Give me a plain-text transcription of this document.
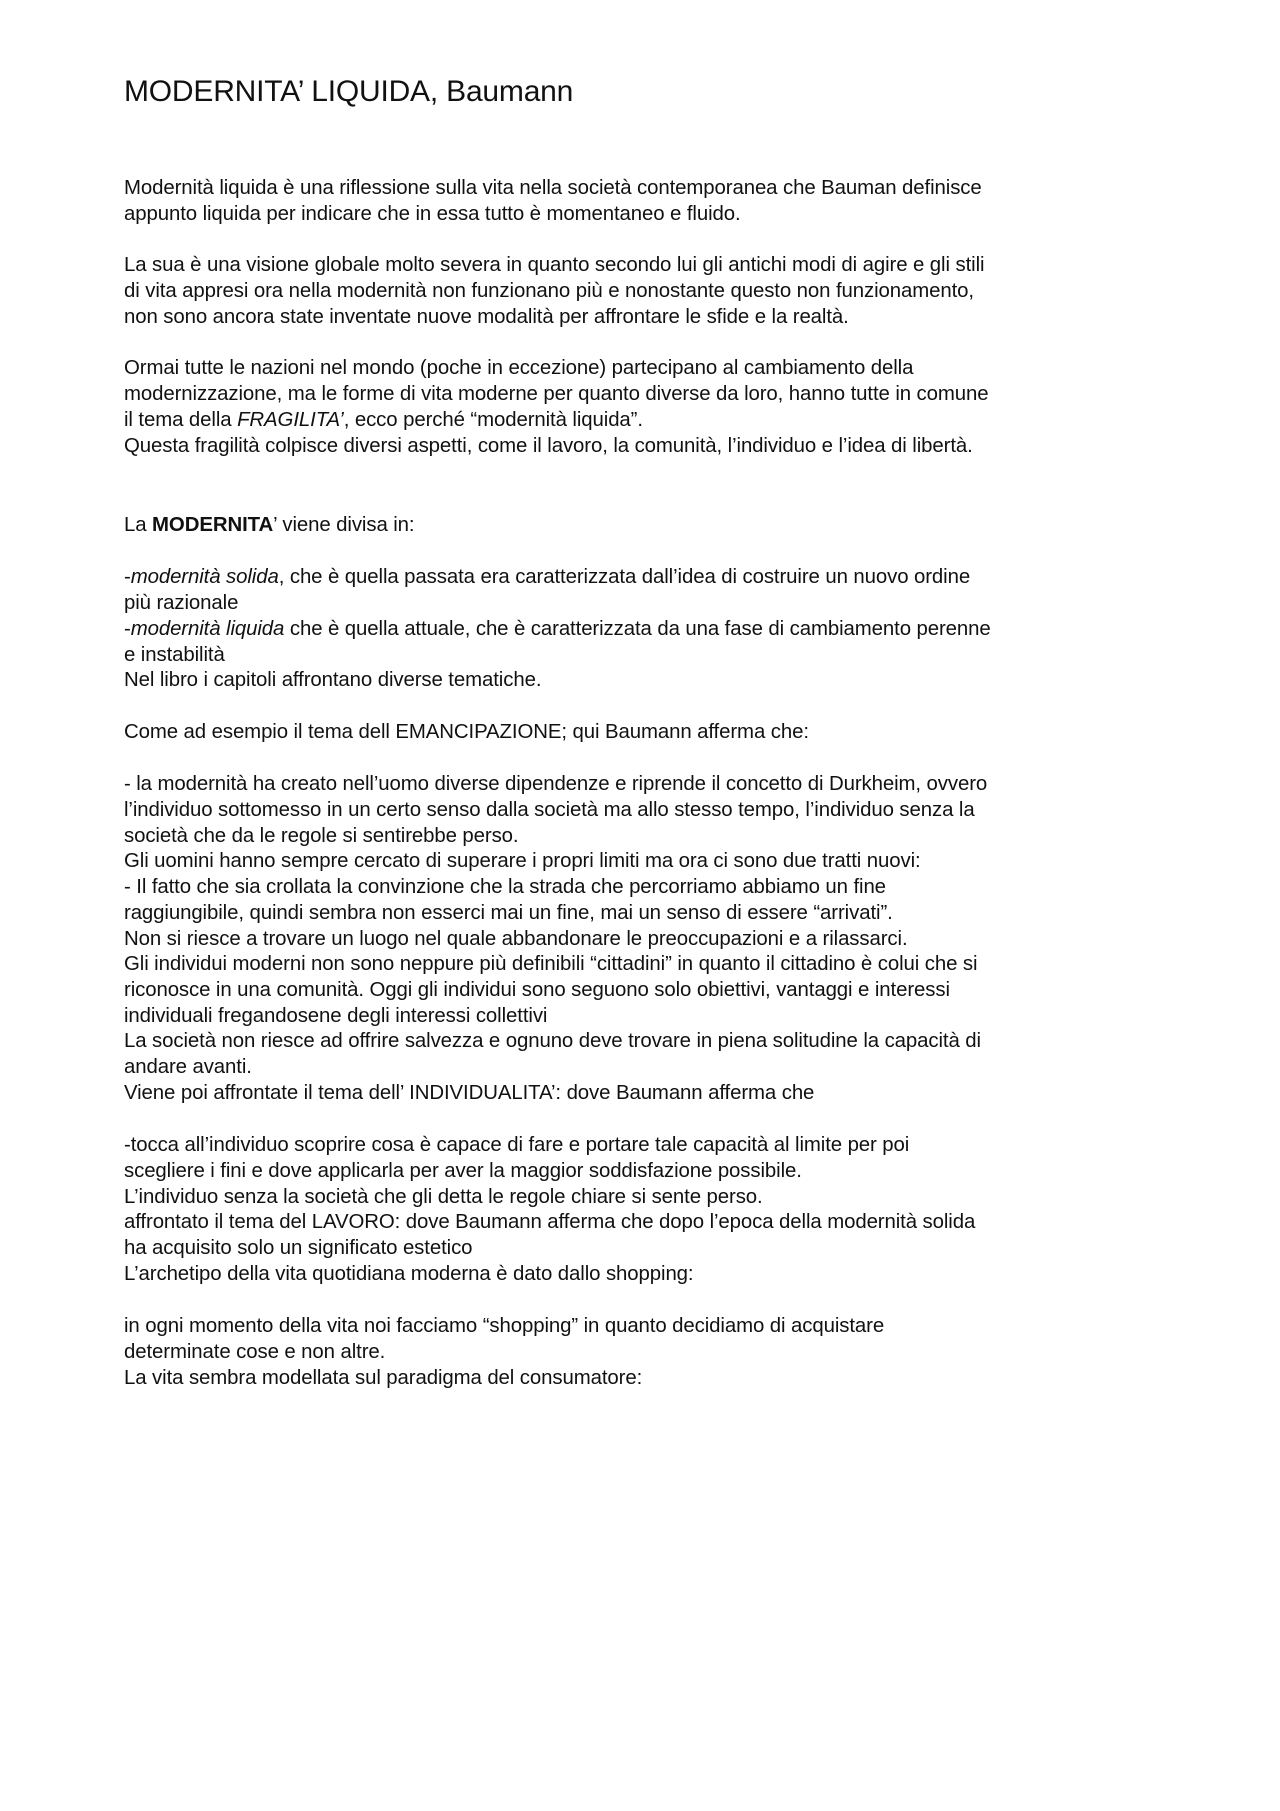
MODERNITA’ LIQUIDA, Baumann

Modernità liquida è una riflessione sulla vita nella società contemporanea che Bauman definisce
appunto liquida per indicare che in essa tutto è momentaneo e fluido.

La sua è una visione globale molto severa in quanto secondo lui gli antichi modi di agire e gli stili
di vita appresi ora nella modernità non funzionano più e nonostante questo non funzionamento,
non sono ancora state inventate nuove modalità per affrontare le sfide e la realtà.

Ormai tutte le nazioni nel mondo (poche in eccezione) partecipano al cambiamento della
modernizzazione, ma le forme di vita moderne per quanto diverse da loro, hanno tutte in comune
il tema della FRAGILITA’, ecco perché “modernità liquida”.
Questa fragilità colpisce diversi aspetti, come il lavoro, la comunità, l’individuo e l’idea di libertà.

La MODERNITA’ viene divisa in:

-modernità solida, che è quella passata era caratterizzata dall’idea di costruire un nuovo ordine
più razionale
-modernità liquida che è quella attuale, che è caratterizzata da una fase di cambiamento perenne
e instabilità

Nel libro i capitoli affrontano diverse tematiche.

Come ad esempio il tema dell EMANCIPAZIONE; qui Baumann afferma che:

- la modernità ha creato nell’uomo diverse dipendenze e riprende il concetto di Durkheim, ovvero
l’individuo sottomesso in un certo senso dalla società ma allo stesso tempo, l’individuo senza la
società che da le regole si sentirebbe perso.

Gli uomini hanno sempre cercato di superare i propri limiti ma ora ci sono due tratti nuovi:
- Il fatto che sia crollata la convinzione che la strada che percorriamo abbiamo un fine
raggiungibile, quindi sembra non esserci mai un fine, mai un senso di essere “arrivati”.
Non si riesce a trovare un luogo nel quale abbandonare le preoccupazioni e a rilassarci.

Gli individui moderni non sono neppure più definibili “cittadini” in quanto il cittadino è colui che si
riconosce in una comunità. Oggi gli individui sono seguono solo obiettivi, vantaggi e interessi
individuali fregandosene degli interessi collettivi

La società non riesce ad offrire salvezza e ognuno deve trovare in piena solitudine la capacità di
andare avanti.

Viene poi affrontate il tema dell’ INDIVIDUALITA’: dove Baumann afferma che

-tocca all’individuo scoprire cosa è capace di fare e portare tale capacità al limite per poi
scegliere i fini e dove applicarla per aver la maggior soddisfazione possibile.
L’individuo senza la società che gli detta le regole chiare si sente perso.

affrontato il tema del LAVORO: dove Baumann afferma che dopo l’epoca della modernità solida
ha acquisito solo un significato estetico

L’archetipo della vita quotidiana moderna è dato dallo shopping:

in ogni momento della vita noi facciamo “shopping” in quanto decidiamo di acquistare
determinate cose e non altre.
La vita sembra modellata sul paradigma del consumatore:
